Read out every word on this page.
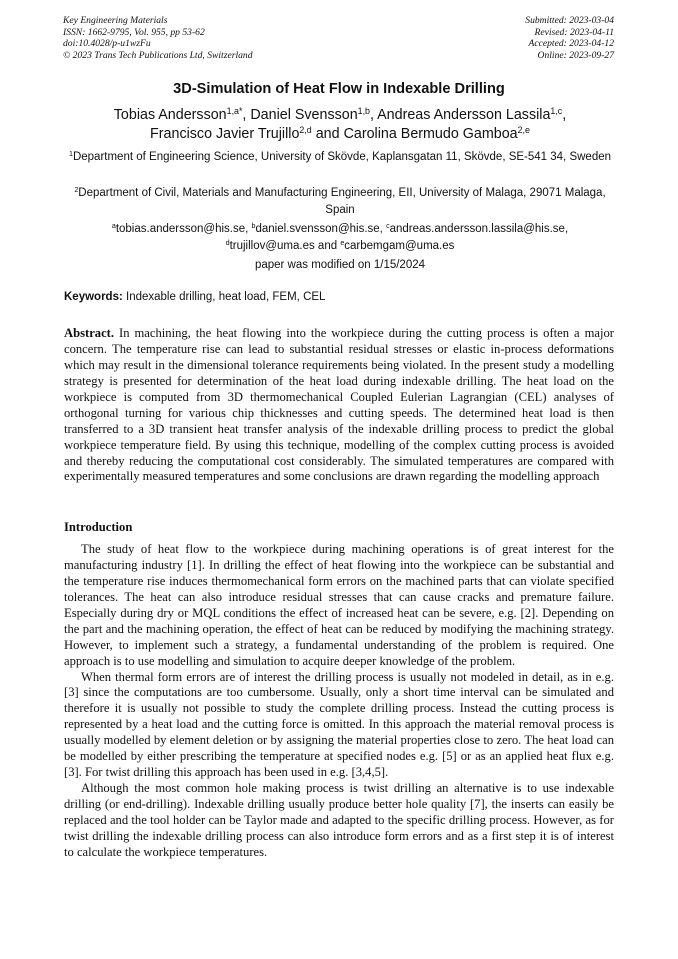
Key Engineering Materials
ISSN: 1662-9795, Vol. 955, pp 53-62
doi:10.4028/p-u1wzFu
© 2023 Trans Tech Publications Ltd, Switzerland
Submitted: 2023-03-04
Revised: 2023-04-11
Accepted: 2023-04-12
Online: 2023-09-27
3D-Simulation of Heat Flow in Indexable Drilling
Tobias Andersson$^{1,a*}$, Daniel Svensson$^{1,b}$, Andreas Andersson Lassila$^{1,c}$,
Francisco Javier Trujillo$^{2,d}$ and Carolina Bermudo Gamboa$^{2,e}$
$^1$Department of Engineering Science, University of Skövde, Kaplansgatan 11, Skövde, SE-541 34, Sweden
$^2$Department of Civil, Materials and Manufacturing Engineering, EII, University of Malaga, 29071 Malaga, Spain
$^a$tobias.andersson@his.se, $^b$daniel.svensson@his.se, $^c$andreas.andersson.lassila@his.se,
$^d$trujillov@uma.es and $^e$carbemgam@uma.es
paper was modified on 1/15/2024
Keywords: Indexable drilling, heat load, FEM, CEL
Abstract. In machining, the heat flowing into the workpiece during the cutting process is often a major concern. The temperature rise can lead to substantial residual stresses or elastic in-process deformations which may result in the dimensional tolerance requirements being violated. In the present study a modelling strategy is presented for determination of the heat load during indexable drilling. The heat load on the workpiece is computed from 3D thermomechanical Coupled Eulerian Lagrangian (CEL) analyses of orthogonal turning for various chip thicknesses and cutting speeds. The determined heat load is then transferred to a 3D transient heat transfer analysis of the indexable drilling process to predict the global workpiece temperature field. By using this technique, modelling of the complex cutting process is avoided and thereby reducing the computational cost considerably. The simulated temperatures are compared with experimentally measured temperatures and some conclusions are drawn regarding the modelling approach
Introduction

The study of heat flow to the workpiece during machining operations is of great interest for the manufacturing industry [1]. In drilling the effect of heat flowing into the workpiece can be substantial and the temperature rise induces thermomechanical form errors on the machined parts that can violate specified tolerances. The heat can also introduce residual stresses that can cause cracks and premature failure. Especially during dry or MQL conditions the effect of increased heat can be severe, e.g. [2]. Depending on the part and the machining operation, the effect of heat can be reduced by modifying the machining strategy. However, to implement such a strategy, a fundamental understanding of the problem is required. One approach is to use modelling and simulation to acquire deeper knowledge of the problem.

When thermal form errors are of interest the drilling process is usually not modeled in detail, as in e.g. [3] since the computations are too cumbersome. Usually, only a short time interval can be simulated and therefore it is usually not possible to study the complete drilling process. Instead the cutting process is represented by a heat load and the cutting force is omitted. In this approach the material removal process is usually modelled by element deletion or by assigning the material properties close to zero. The heat load can be modelled by either prescribing the temperature at specified nodes e.g. [5] or as an applied heat flux e.g. [3]. For twist drilling this approach has been used in e.g. [3,4,5].

Although the most common hole making process is twist drilling an alternative is to use indexable drilling (or end-drilling). Indexable drilling usually produce better hole quality [7], the inserts can easily be replaced and the tool holder can be Taylor made and adapted to the specific drilling process. However, as for twist drilling the indexable drilling process can also introduce form errors and as a first step it is of interest to calculate the workpiece temperatures.
